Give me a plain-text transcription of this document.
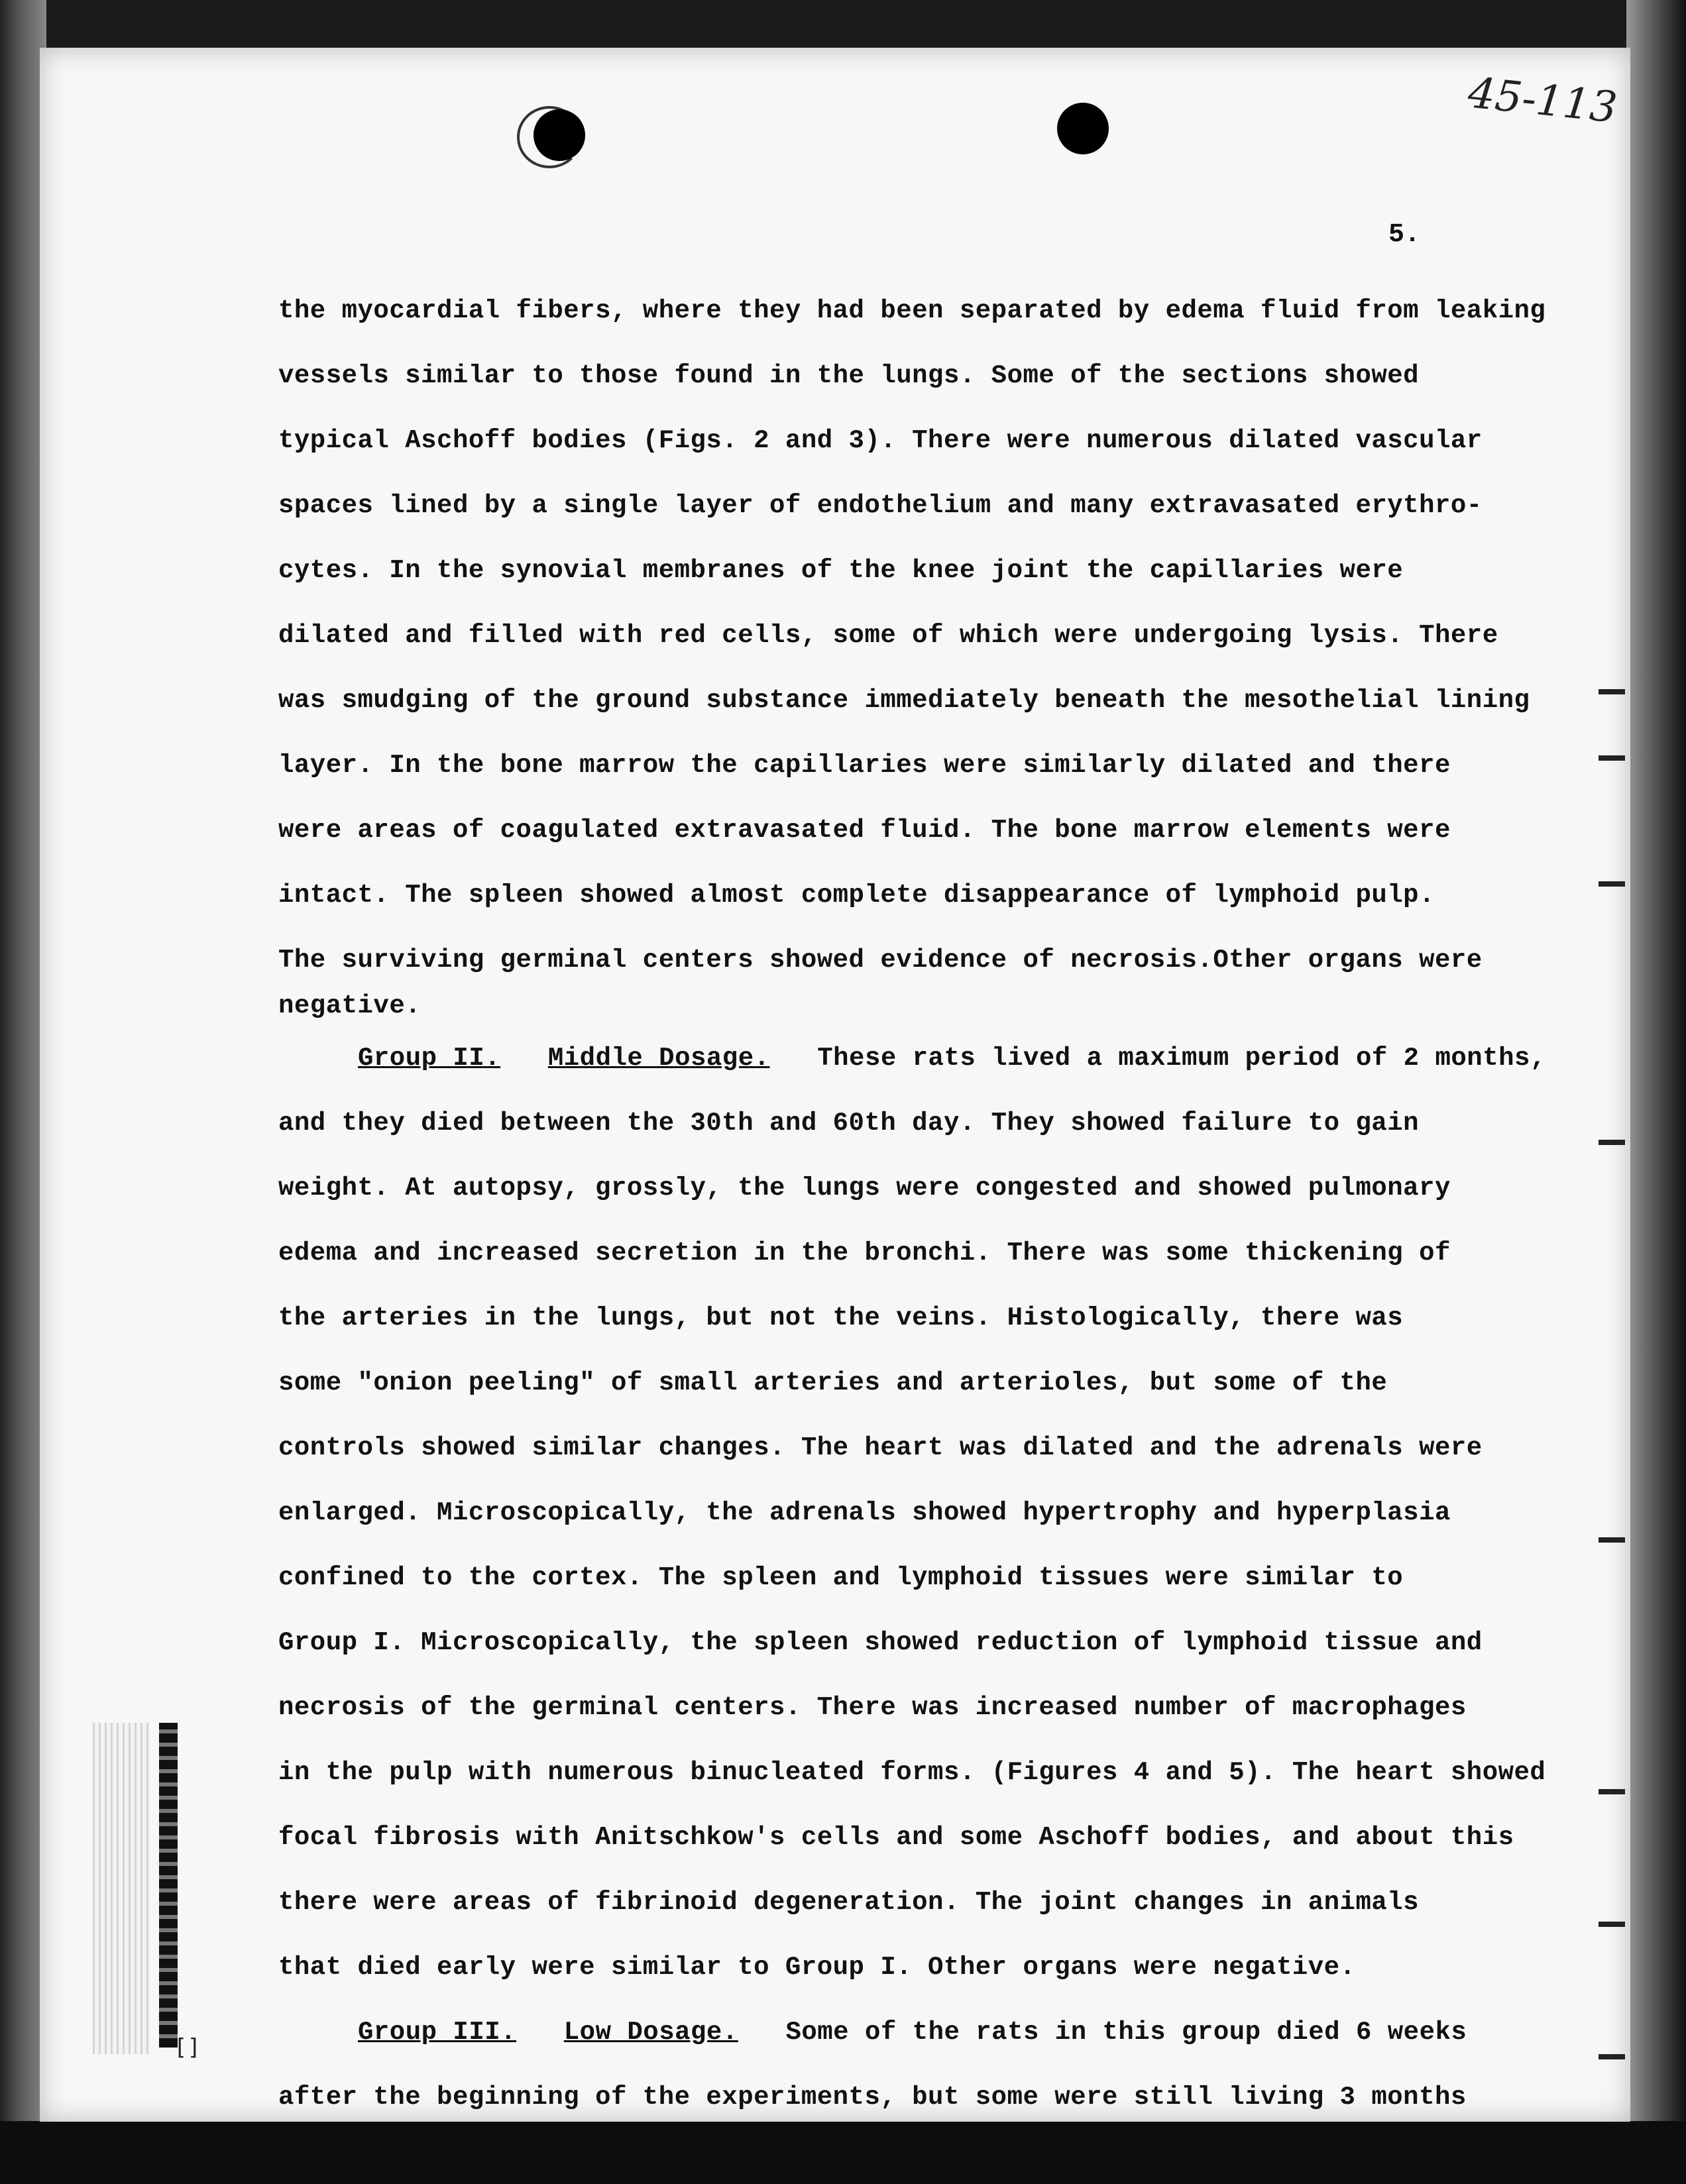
45-113
5.
[]
the myocardial fibers, where they had been separated by edema fluid from leaking
vessels similar to those found in the lungs. Some of the sections showed
typical Aschoff bodies (Figs. 2 and 3). There were numerous dilated vascular
spaces lined by a single layer of endothelium and many extravasated erythro-
cytes. In the synovial membranes of the knee joint the capillaries were
dilated and filled with red cells, some of which were undergoing lysis. There
was smudging of the ground substance immediately beneath the mesothelial lining
layer. In the bone marrow the capillaries were similarly dilated and there
were areas of coagulated extravasated fluid. The bone marrow elements were
intact. The spleen showed almost complete disappearance of lymphoid pulp.
The surviving germinal centers showed evidence of necrosis.Other organs were
negative.
Group II. Middle Dosage. These rats lived a maximum period of 2 months,
and they died between the 30th and 60th day. They showed failure to gain
weight. At autopsy, grossly, the lungs were congested and showed pulmonary
edema and increased secretion in the bronchi. There was some thickening of
the arteries in the lungs, but not the veins. Histologically, there was
some "onion peeling" of small arteries and arterioles, but some of the
controls showed similar changes. The heart was dilated and the adrenals were
enlarged. Microscopically, the adrenals showed hypertrophy and hyperplasia
confined to the cortex. The spleen and lymphoid tissues were similar to
Group I. Microscopically, the spleen showed reduction of lymphoid tissue and
necrosis of the germinal centers. There was increased number of macrophages
in the pulp with numerous binucleated forms. (Figures 4 and 5). The heart showed
focal fibrosis with Anitschkow's cells and some Aschoff bodies, and about this
there were areas of fibrinoid degeneration. The joint changes in animals
that died early were similar to Group I. Other organs were negative.
Group III. Low Dosage. Some of the rats in this group died 6 weeks
after the beginning of the experiments, but some were still living 3 months
